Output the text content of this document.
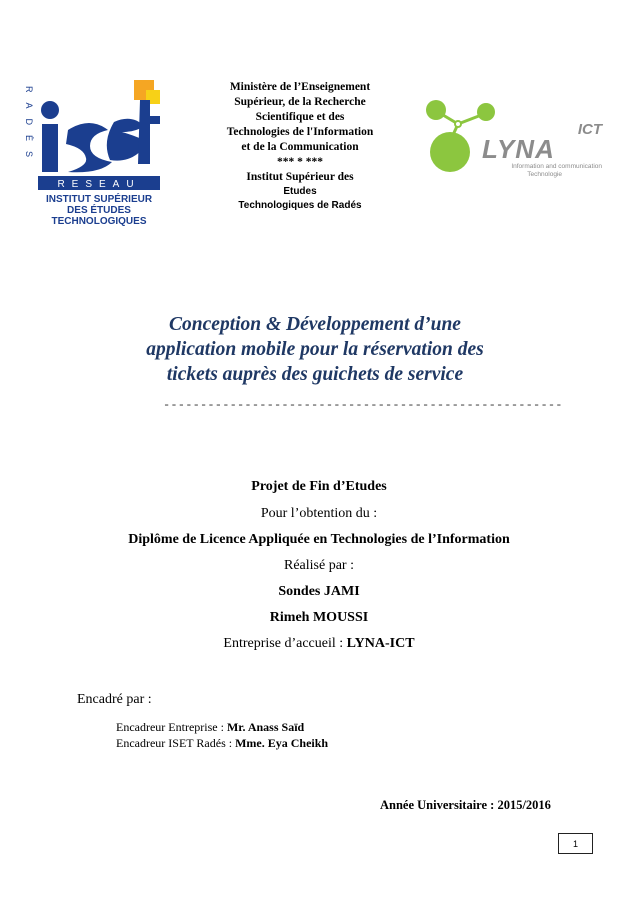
RADÈS
RESEAU
INSTITUT SUPÉRIEUR
DES ÉTUDES
TECHNOLOGIQUES
Ministère de l’Enseignement
Supérieur, de la Recherche
Scientifique et des
Technologies de l'Information
et de la Communication
*** * ***
Institut Supérieur des
Etudes
Technologiques de Radés
ICT
LYNA
Information and communication
Technologie
Conception & Développement d’une
application mobile pour la réservation des
tickets auprès des guichets de service
------------------------------------------------------
Projet de Fin d’Etudes
Pour l’obtention du :
Diplôme de Licence Appliquée en Technologies de l’Information
Réalisé par :
Sondes JAMI
Rimeh MOUSSI
Entreprise d’accueil : LYNA-ICT
Encadré par :
Encadreur Entreprise : Mr. Anass Saïd
Encadreur ISET Radés : Mme. Eya Cheikh
Année Universitaire : 2015/2016
1
